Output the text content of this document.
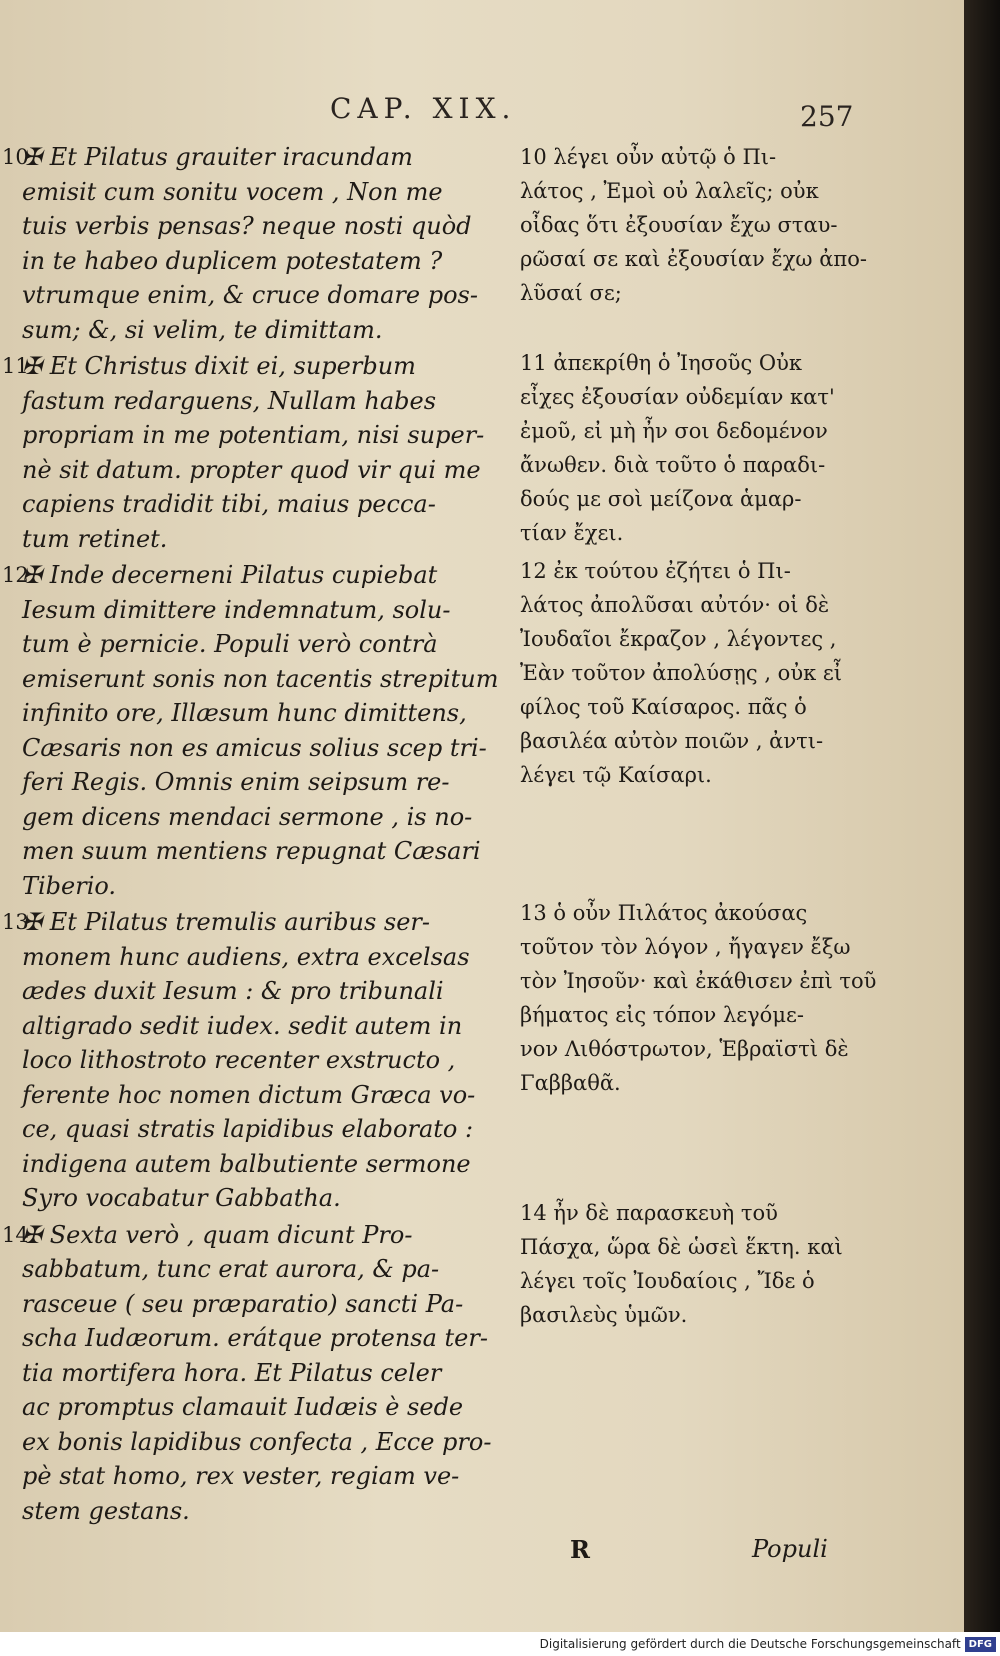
CAP. XIX.	257
10
✠ Et Pilatus grauiter iracundam
emisit cum sonitu vocem , Non me
tuis verbis pensas? neque nosti quòd
in te habeo duplicem potestatem ?
vtrumque enim, & cruce domare pos-
sum; &, si velim, te dimittam.
11
✠ Et Christus dixit ei, superbum
fastum redarguens, Nullam habes
propriam in me potentiam, nisi super-
nè sit datum. propter quod vir qui me
capiens tradidit tibi, maius pecca-
tum retinet.
12
✠ Inde decerneni Pilatus cupiebat
Iesum dimittere indemnatum, solu-
tum è pernicie. Populi verò contrà
emiserunt sonis non tacentis strepitum
infinito ore, Illæsum hunc dimittens,
Cæsaris non es amicus solius scep tri-
feri Regis. Omnis enim seipsum re-
gem dicens mendaci sermone , is no-
men suum mentiens repugnat Cæsari
Tiberio.
13
✠ Et Pilatus tremulis auribus ser-
monem hunc audiens, extra excelsas
ædes duxit Iesum : & pro tribunali
altigrado sedit iudex. sedit autem in
loco lithostroto recenter exstructo ,
ferente hoc nomen dictum Græca vo-
ce, quasi stratis lapidibus elaborato :
indigena autem balbutiente sermone
Syro vocabatur Gabbatha.
14
✠ Sexta verò , quam dicunt Pro-
sabbatum, tunc erat aurora, & pa-
rasceue ( seu præparatio) sancti Pa-
scha Iudæorum. erátque protensa ter-
tia mortifera hora. Et Pilatus celer
ac promptus clamauit Iudæis è sede
ex bonis lapidibus confecta , Ecce pro-
pè stat homo, rex vester, regiam ve-
stem gestans.
10 λέγει οὖν αὐτῷ ὁ Πι-
λάτος , Ἐμοὶ οὐ λαλεῖς; οὐκ
οἶδας ὅτι ἐξουσίαν ἔχω σταυ-
ρῶσαί σε καὶ ἐξουσίαν ἔχω ἀπο-
λῦσαί σε;
11 ἀπεκρίθη ὁ Ἰησοῦς Οὐκ
εἶχες ἐξουσίαν οὐδεμίαν κατ'
ἐμοῦ, εἰ μὴ ἦν σοι δεδομένον
ἄνωθεν. διὰ τοῦτο ὁ παραδι-
δούς με σοὶ μείζονα ἁμαρ-
τίαν ἔχει.
12 ἐκ τούτου ἐζήτει ὁ Πι-
λάτος ἀπολῦσαι αὐτόν· οἱ δὲ
Ἰουδαῖοι ἔκραζον , λέγοντες ,
Ἐὰν τοῦτον ἀπολύσῃς , οὐκ εἶ
φίλος τοῦ Καίσαρος. πᾶς ὁ
βασιλέα αὐτὸν ποιῶν , ἀντι-
λέγει τῷ Καίσαρι.
13 ὁ οὖν Πιλάτος ἀκούσας
τοῦτον τὸν λόγον , ἤγαγεν ἔξω
τὸν Ἰησοῦν· καὶ ἐκάθισεν ἐπὶ τοῦ
βήματος εἰς τόπον λεγόμε-
νον Λιθόστρωτον, Ἑβραϊστὶ δὲ
Γαββαθᾶ.
14 ἦν δὲ παρασκευὴ τοῦ
Πάσχα, ὥρα δὲ ὡσεὶ ἕκτη. καὶ
λέγει τοῖς Ἰουδαίοις , Ἴδε ὁ
βασιλεὺς ὑμῶν.
R	Populi
Digitalisierung gefördert durch die Deutsche Forschungsgemeinschaft DFG
